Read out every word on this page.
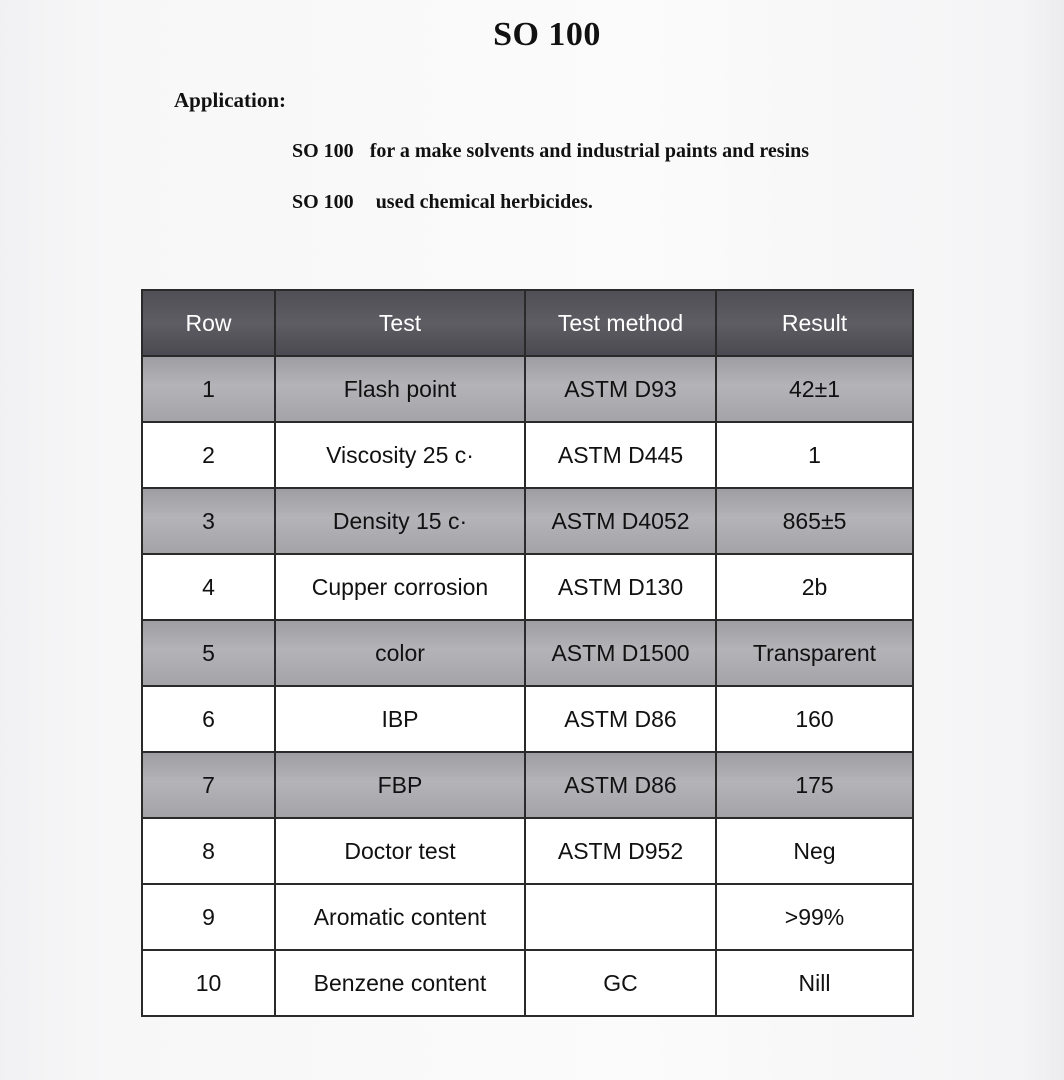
SO 100
Application:
SO 100 for a make solvents and industrial paints and resins
SO 100 used chemical herbicides.
Row	Test	Test method	Result
1	Flash point	ASTM D93	42±1
2	Viscosity 25 c·	ASTM D445	1
3	Density 15 c·	ASTM D4052	865±5
4	Cupper corrosion	ASTM D130	2b
5	color	ASTM D1500	Transparent
6	IBP	ASTM D86	160
7	FBP	ASTM D86	175
8	Doctor test	ASTM D952	Neg
9	Aromatic content		>99%
10	Benzene content	GC	Nill
